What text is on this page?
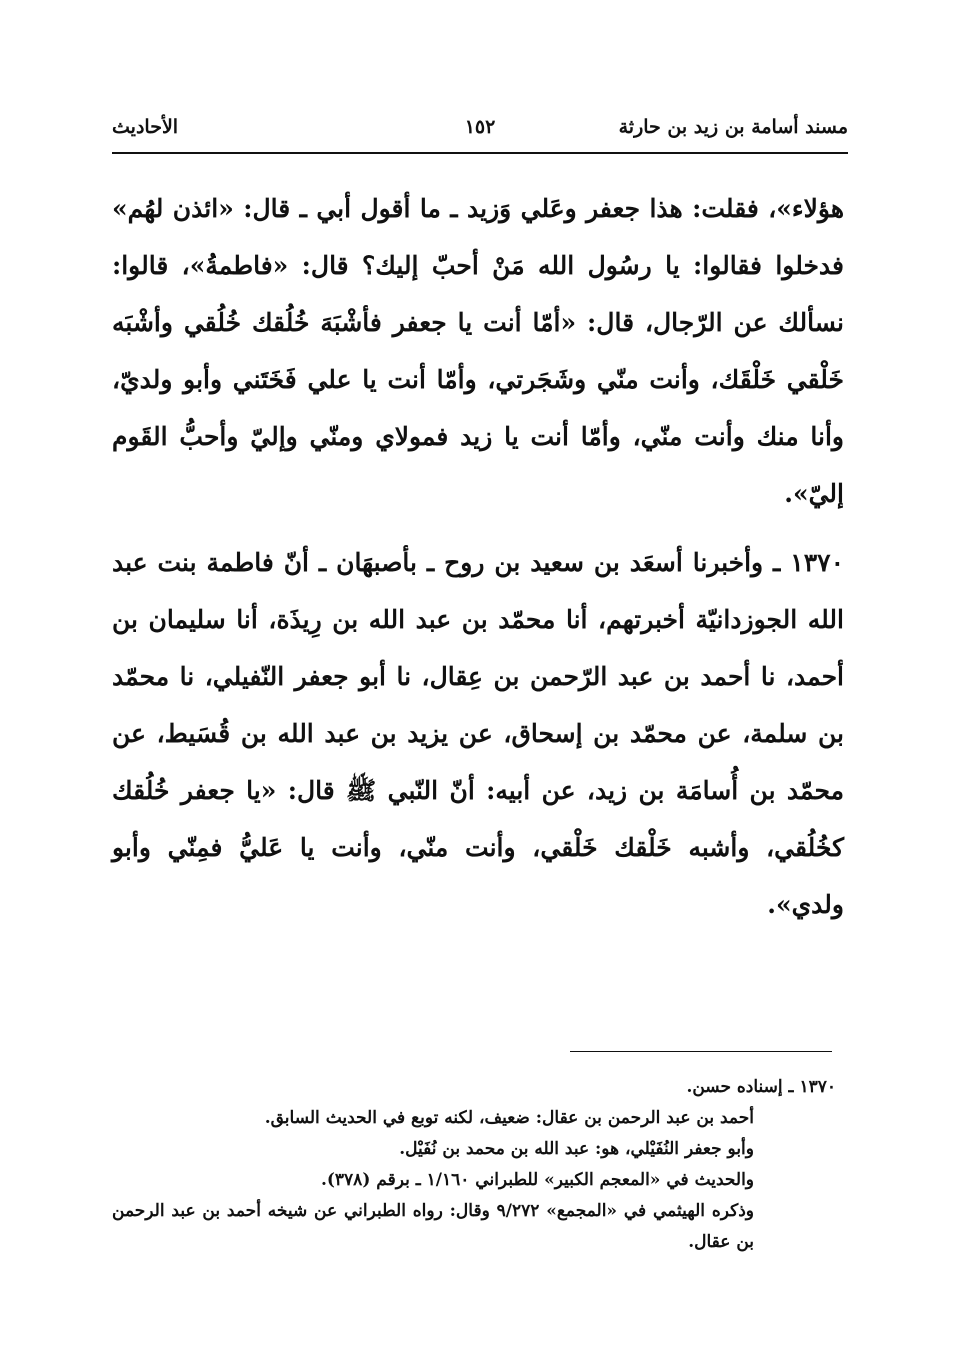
مسند أسامة بن زيد بن حارثة
١٥٢
الأحاديث

هؤلاء»، فقلت: هذا جعفر وعَلي وَزيد ـ ما أقول أبي ـ قال: «ائذن لهُم» فدخلوا فقالوا: يا رسُول الله مَنْ أحبّ إليك؟ قال: «فاطمةُ»، قالوا: نسألك عن الرّجال، قال: «أمّا أنت يا جعفر فأشْبَهَ خُلُقك خُلُقي وأشْبَه خَلْقي خَلْقَك، وأنت منّي وشَجَرتي، وأمّا أنت يا علي فَخَتَني وأبو ولديّ، وأنا منك وأنت منّي، وأمّا أنت يا زيد فمولاي ومنّي وإليّ وأحبُّ القَوم إليّ».

١٣٧٠ ـ وأخبرنا أسعَد بن سعيد بن روح ـ بأصبهَان ـ أنّ فاطمة بنت عبد الله الجوزدانيّة أخبرتهم، أنا محمّد بن عبد الله بن رِيذَة، أنا سليمان بن أحمد، نا أحمد بن عبد الرّحمن بن عِقال، نا أبو جعفر النّفيلي، نا محمّد بن سلمة، عن محمّد بن إسحاق، عن يزيد بن عبد الله بن قُسَيط، عن محمّد بن أُسامَة بن زيد، عن أبيه: أنّ النّبي ﷺ قال: «يا جعفر خُلُقك كخُلُقي، وأشبه خَلْقك خَلْقي، وأنت منّي، وأنت يا عَليُّ فمِنّي وأبو ولدي».

١٣٧٠ ـ إسناده حسن.

أحمد بن عبد الرحمن بن عقال: ضعيف، لكنه توبع في الحديث السابق.

وأبو جعفر النُفَيْلي، هو: عبد الله بن محمد بن نُفَيْل.

والحديث في «المعجم الكبير» للطبراني ١/١٦٠ ـ برقم (٣٧٨).

وذكره الهيثمي في «المجمع» ٩/٢٧٢ وقال: رواه الطبراني عن شيخه أحمد بن عبد الرحمن بن عقال.
